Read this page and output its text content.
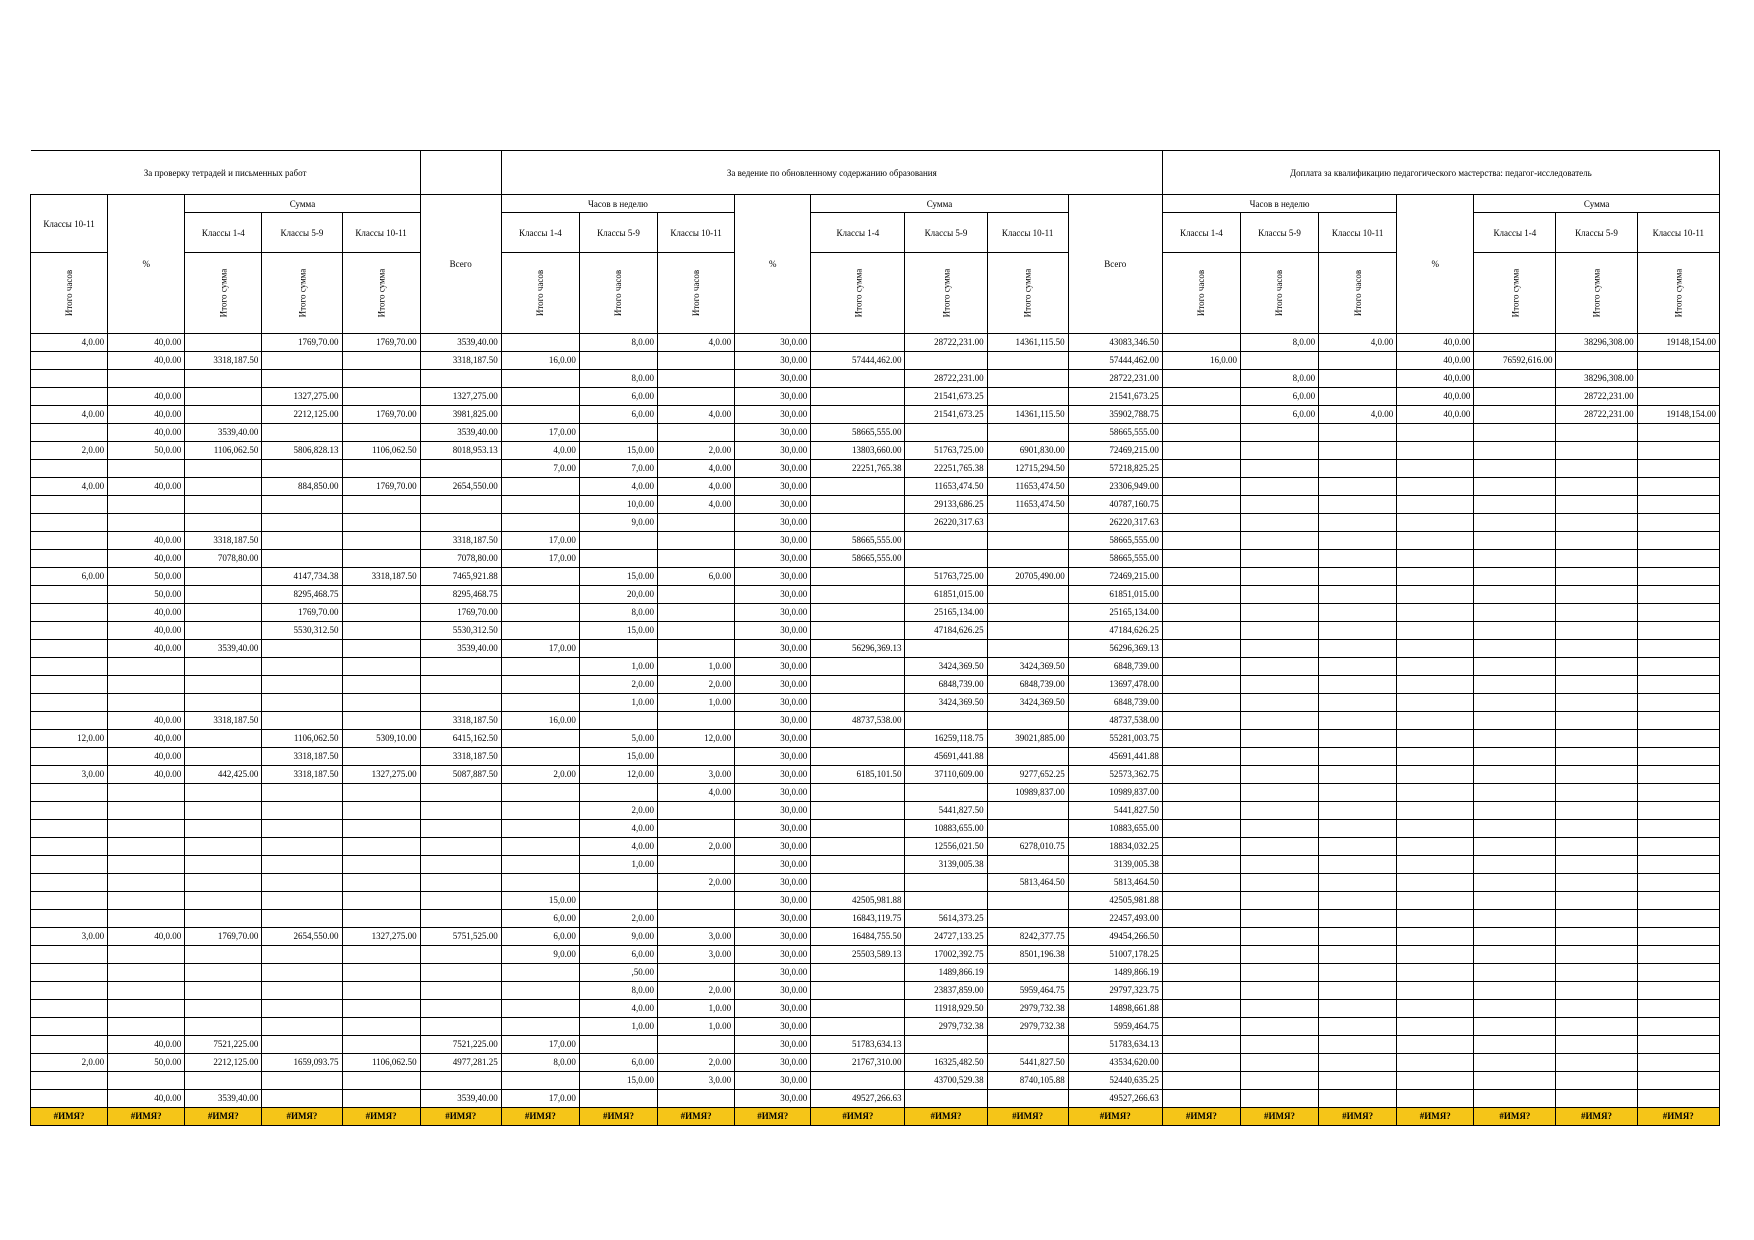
За проверку тетрадей и письменных работ						За ведение по обновленному содержанию образования								Доплата за квалификацию педагогического мастерства: педагог-исследователь						
Классы 10-11	%	Сумма			Всего	Часов в неделю			%	Сумма			Всего	Часов в неделю			%	Сумма		
		Классы 1-4	Классы 5-9	Классы 10-11		Классы 1-4	Классы 5-9	Классы 10-11		Классы 1-4	Классы 5-9	Классы 10-11		Классы 1-4	Классы 5-9	Классы 10-11		Классы 1-4	Классы 5-9	Классы 10-11
Итого часов		Итого сумма	Итого сумма	Итого сумма		Итого часов	Итого часов	Итого часов		Итого сумма	Итого сумма	Итого сумма		Итого часов	Итого часов	Итого часов		Итого сумма	Итого сумма	Итого сумма
4,0.00	40,0.00		1769,70.00	1769,70.00	3539,40.00		8,0.00	4,0.00	30,0.00		28722,231.00	14361,115.50	43083,346.50		8,0.00	4,0.00	40,0.00		38296,308.00	19148,154.00
	40,0.00	3318,187.50			3318,187.50	16,0.00			30,0.00	57444,462.00			57444,462.00	16,0.00			40,0.00	76592,616.00		
							8,0.00		30,0.00		28722,231.00		28722,231.00		8,0.00		40,0.00		38296,308.00	
	40,0.00		1327,275.00		1327,275.00		6,0.00		30,0.00		21541,673.25		21541,673.25		6,0.00		40,0.00		28722,231.00	
4,0.00	40,0.00		2212,125.00	1769,70.00	3981,825.00		6,0.00	4,0.00	30,0.00		21541,673.25	14361,115.50	35902,788.75		6,0.00	4,0.00	40,0.00		28722,231.00	19148,154.00
	40,0.00	3539,40.00			3539,40.00	17,0.00			30,0.00	58665,555.00			58665,555.00							
2,0.00	50,0.00	1106,062.50	5806,828.13	1106,062.50	8018,953.13	4,0.00	15,0.00	2,0.00	30,0.00	13803,660.00	51763,725.00	6901,830.00	72469,215.00							
						7,0.00	7,0.00	4,0.00	30,0.00	22251,765.38	22251,765.38	12715,294.50	57218,825.25							
4,0.00	40,0.00		884,850.00	1769,70.00	2654,550.00		4,0.00	4,0.00	30,0.00		11653,474.50	11653,474.50	23306,949.00							
							10,0.00	4,0.00	30,0.00		29133,686.25	11653,474.50	40787,160.75							
							9,0.00		30,0.00		26220,317.63		26220,317.63							
	40,0.00	3318,187.50			3318,187.50	17,0.00			30,0.00	58665,555.00			58665,555.00							
	40,0.00	7078,80.00			7078,80.00	17,0.00			30,0.00	58665,555.00			58665,555.00							
6,0.00	50,0.00		4147,734.38	3318,187.50	7465,921.88		15,0.00	6,0.00	30,0.00		51763,725.00	20705,490.00	72469,215.00							
	50,0.00		8295,468.75		8295,468.75		20,0.00		30,0.00		61851,015.00		61851,015.00							
	40,0.00		1769,70.00		1769,70.00		8,0.00		30,0.00		25165,134.00		25165,134.00							
	40,0.00		5530,312.50		5530,312.50		15,0.00		30,0.00		47184,626.25		47184,626.25							
	40,0.00	3539,40.00			3539,40.00	17,0.00			30,0.00	56296,369.13			56296,369.13							
							1,0.00	1,0.00	30,0.00		3424,369.50	3424,369.50	6848,739.00							
							2,0.00	2,0.00	30,0.00		6848,739.00	6848,739.00	13697,478.00							
							1,0.00	1,0.00	30,0.00		3424,369.50	3424,369.50	6848,739.00							
	40,0.00	3318,187.50			3318,187.50	16,0.00			30,0.00	48737,538.00			48737,538.00							
12,0.00	40,0.00		1106,062.50	5309,10.00	6415,162.50		5,0.00	12,0.00	30,0.00		16259,118.75	39021,885.00	55281,003.75							
	40,0.00		3318,187.50		3318,187.50		15,0.00		30,0.00		45691,441.88		45691,441.88							
3,0.00	40,0.00	442,425.00	3318,187.50	1327,275.00	5087,887.50	2,0.00	12,0.00	3,0.00	30,0.00	6185,101.50	37110,609.00	9277,652.25	52573,362.75							
								4,0.00	30,0.00			10989,837.00	10989,837.00							
							2,0.00		30,0.00		5441,827.50		5441,827.50							
							4,0.00		30,0.00		10883,655.00		10883,655.00							
							4,0.00	2,0.00	30,0.00		12556,021.50	6278,010.75	18834,032.25							
							1,0.00		30,0.00		3139,005.38		3139,005.38							
								2,0.00	30,0.00			5813,464.50	5813,464.50							
						15,0.00			30,0.00	42505,981.88			42505,981.88							
						6,0.00	2,0.00		30,0.00	16843,119.75	5614,373.25		22457,493.00							
3,0.00	40,0.00	1769,70.00	2654,550.00	1327,275.00	5751,525.00	6,0.00	9,0.00	3,0.00	30,0.00	16484,755.50	24727,133.25	8242,377.75	49454,266.50							
						9,0.00	6,0.00	3,0.00	30,0.00	25503,589.13	17002,392.75	8501,196.38	51007,178.25							
							,50.00		30,0.00		1489,866.19		1489,866.19							
							8,0.00	2,0.00	30,0.00		23837,859.00	5959,464.75	29797,323.75							
							4,0.00	1,0.00	30,0.00		11918,929.50	2979,732.38	14898,661.88							
							1,0.00	1,0.00	30,0.00		2979,732.38	2979,732.38	5959,464.75							
	40,0.00	7521,225.00			7521,225.00	17,0.00			30,0.00	51783,634.13			51783,634.13							
2,0.00	50,0.00	2212,125.00	1659,093.75	1106,062.50	4977,281.25	8,0.00	6,0.00	2,0.00	30,0.00	21767,310.00	16325,482.50	5441,827.50	43534,620.00							
							15,0.00	3,0.00	30,0.00		43700,529.38	8740,105.88	52440,635.25							
	40,0.00	3539,40.00			3539,40.00	17,0.00			30,0.00	49527,266.63			49527,266.63							
#ИМЯ?	#ИМЯ?	#ИМЯ?	#ИМЯ?	#ИМЯ?	#ИМЯ?	#ИМЯ?	#ИМЯ?	#ИМЯ?	#ИМЯ?	#ИМЯ?	#ИМЯ?	#ИМЯ?	#ИМЯ?	#ИМЯ?	#ИМЯ?	#ИМЯ?	#ИМЯ?	#ИМЯ?	#ИМЯ?	#ИМЯ?
